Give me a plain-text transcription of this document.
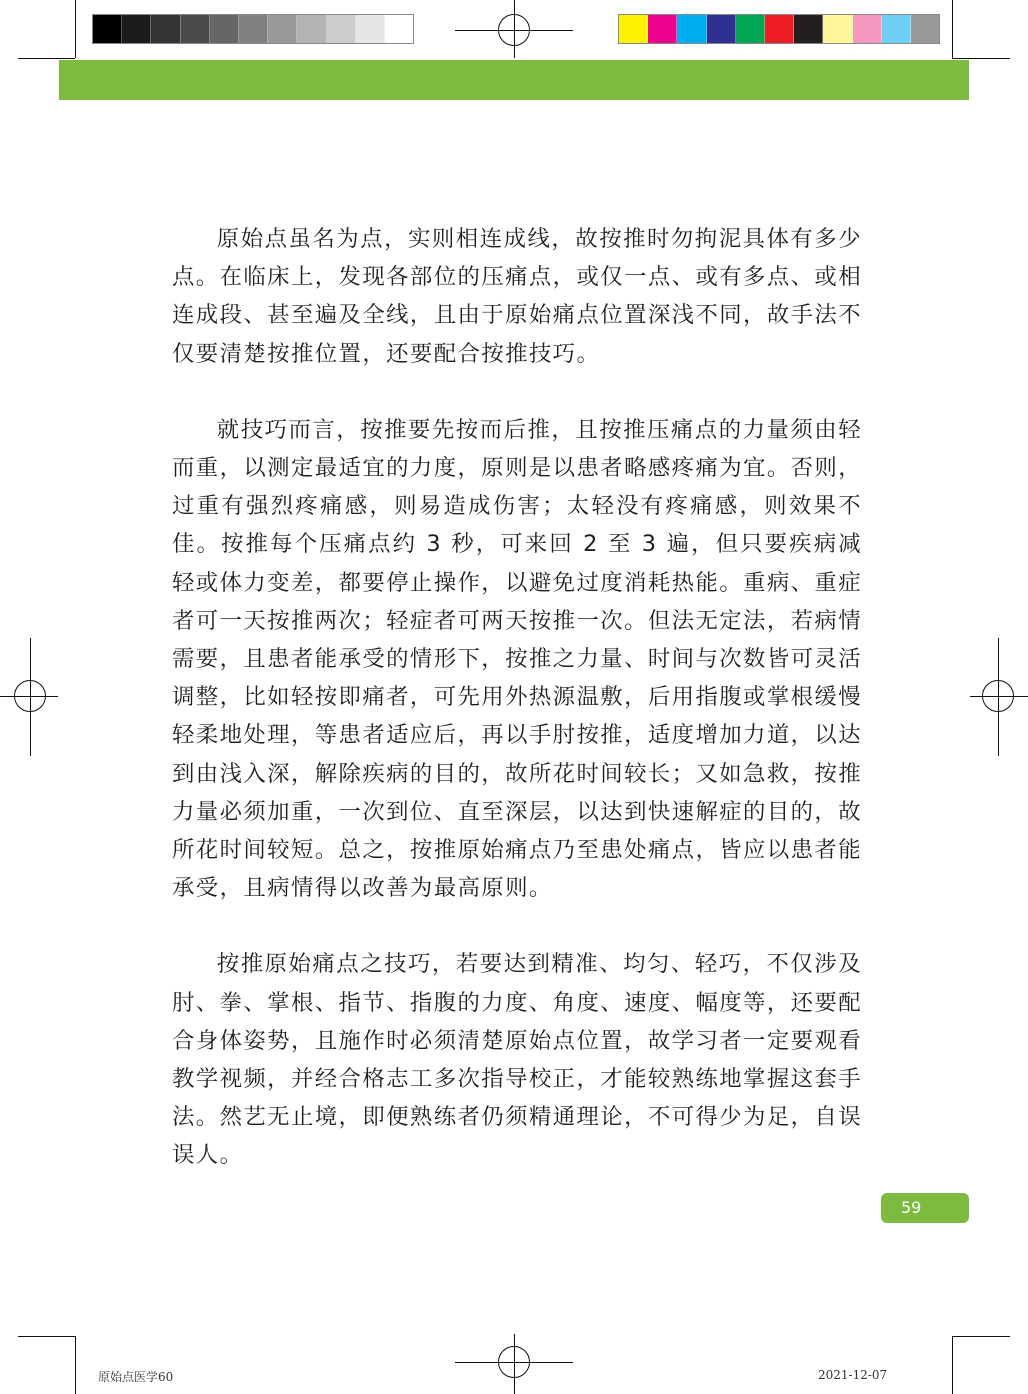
原始点虽名为点，实则相连成线，故按推时勿拘泥具体有多少点。在临床上，发现各部位的压痛点，或仅一点、或有多点、或相连成段、甚至遍及全线，且由于原始痛点位置深浅不同，故手法不仅要清楚按推位置，还要配合按推技巧。

就技巧而言，按推要先按而后推，且按推压痛点的力量须由轻而重，以测定最适宜的力度，原则是以患者略感疼痛为宜。否则，过重有强烈疼痛感，则易造成伤害；太轻没有疼痛感，则效果不佳。按推每个压痛点约 3 秒，可来回 2 至 3 遍，但只要疾病减轻或体力变差，都要停止操作，以避免过度消耗热能。重病、重症者可一天按推两次；轻症者可两天按推一次。但法无定法，若病情需要，且患者能承受的情形下，按推之力量、时间与次数皆可灵活调整，比如轻按即痛者，可先用外热源温敷，后用指腹或掌根缓慢轻柔地处理，等患者适应后，再以手肘按推，适度增加力道，以达到由浅入深，解除疾病的目的，故所花时间较长；又如急救，按推力量必须加重，一次到位、直至深层，以达到快速解症的目的，故所花时间较短。总之，按推原始痛点乃至患处痛点，皆应以患者能承受，且病情得以改善为最高原则。

按推原始痛点之技巧，若要达到精准、均匀、轻巧，不仅涉及肘、拳、掌根、指节、指腹的力度、角度、速度、幅度等，还要配合身体姿势，且施作时必须清楚原始点位置，故学习者一定要观看教学视频，并经合格志工多次指导校正，才能较熟练地掌握这套手法。然艺无止境，即便熟练者仍须精通理论，不可得少为足，自误误人。

59
原始点医学60	2021-12-07
